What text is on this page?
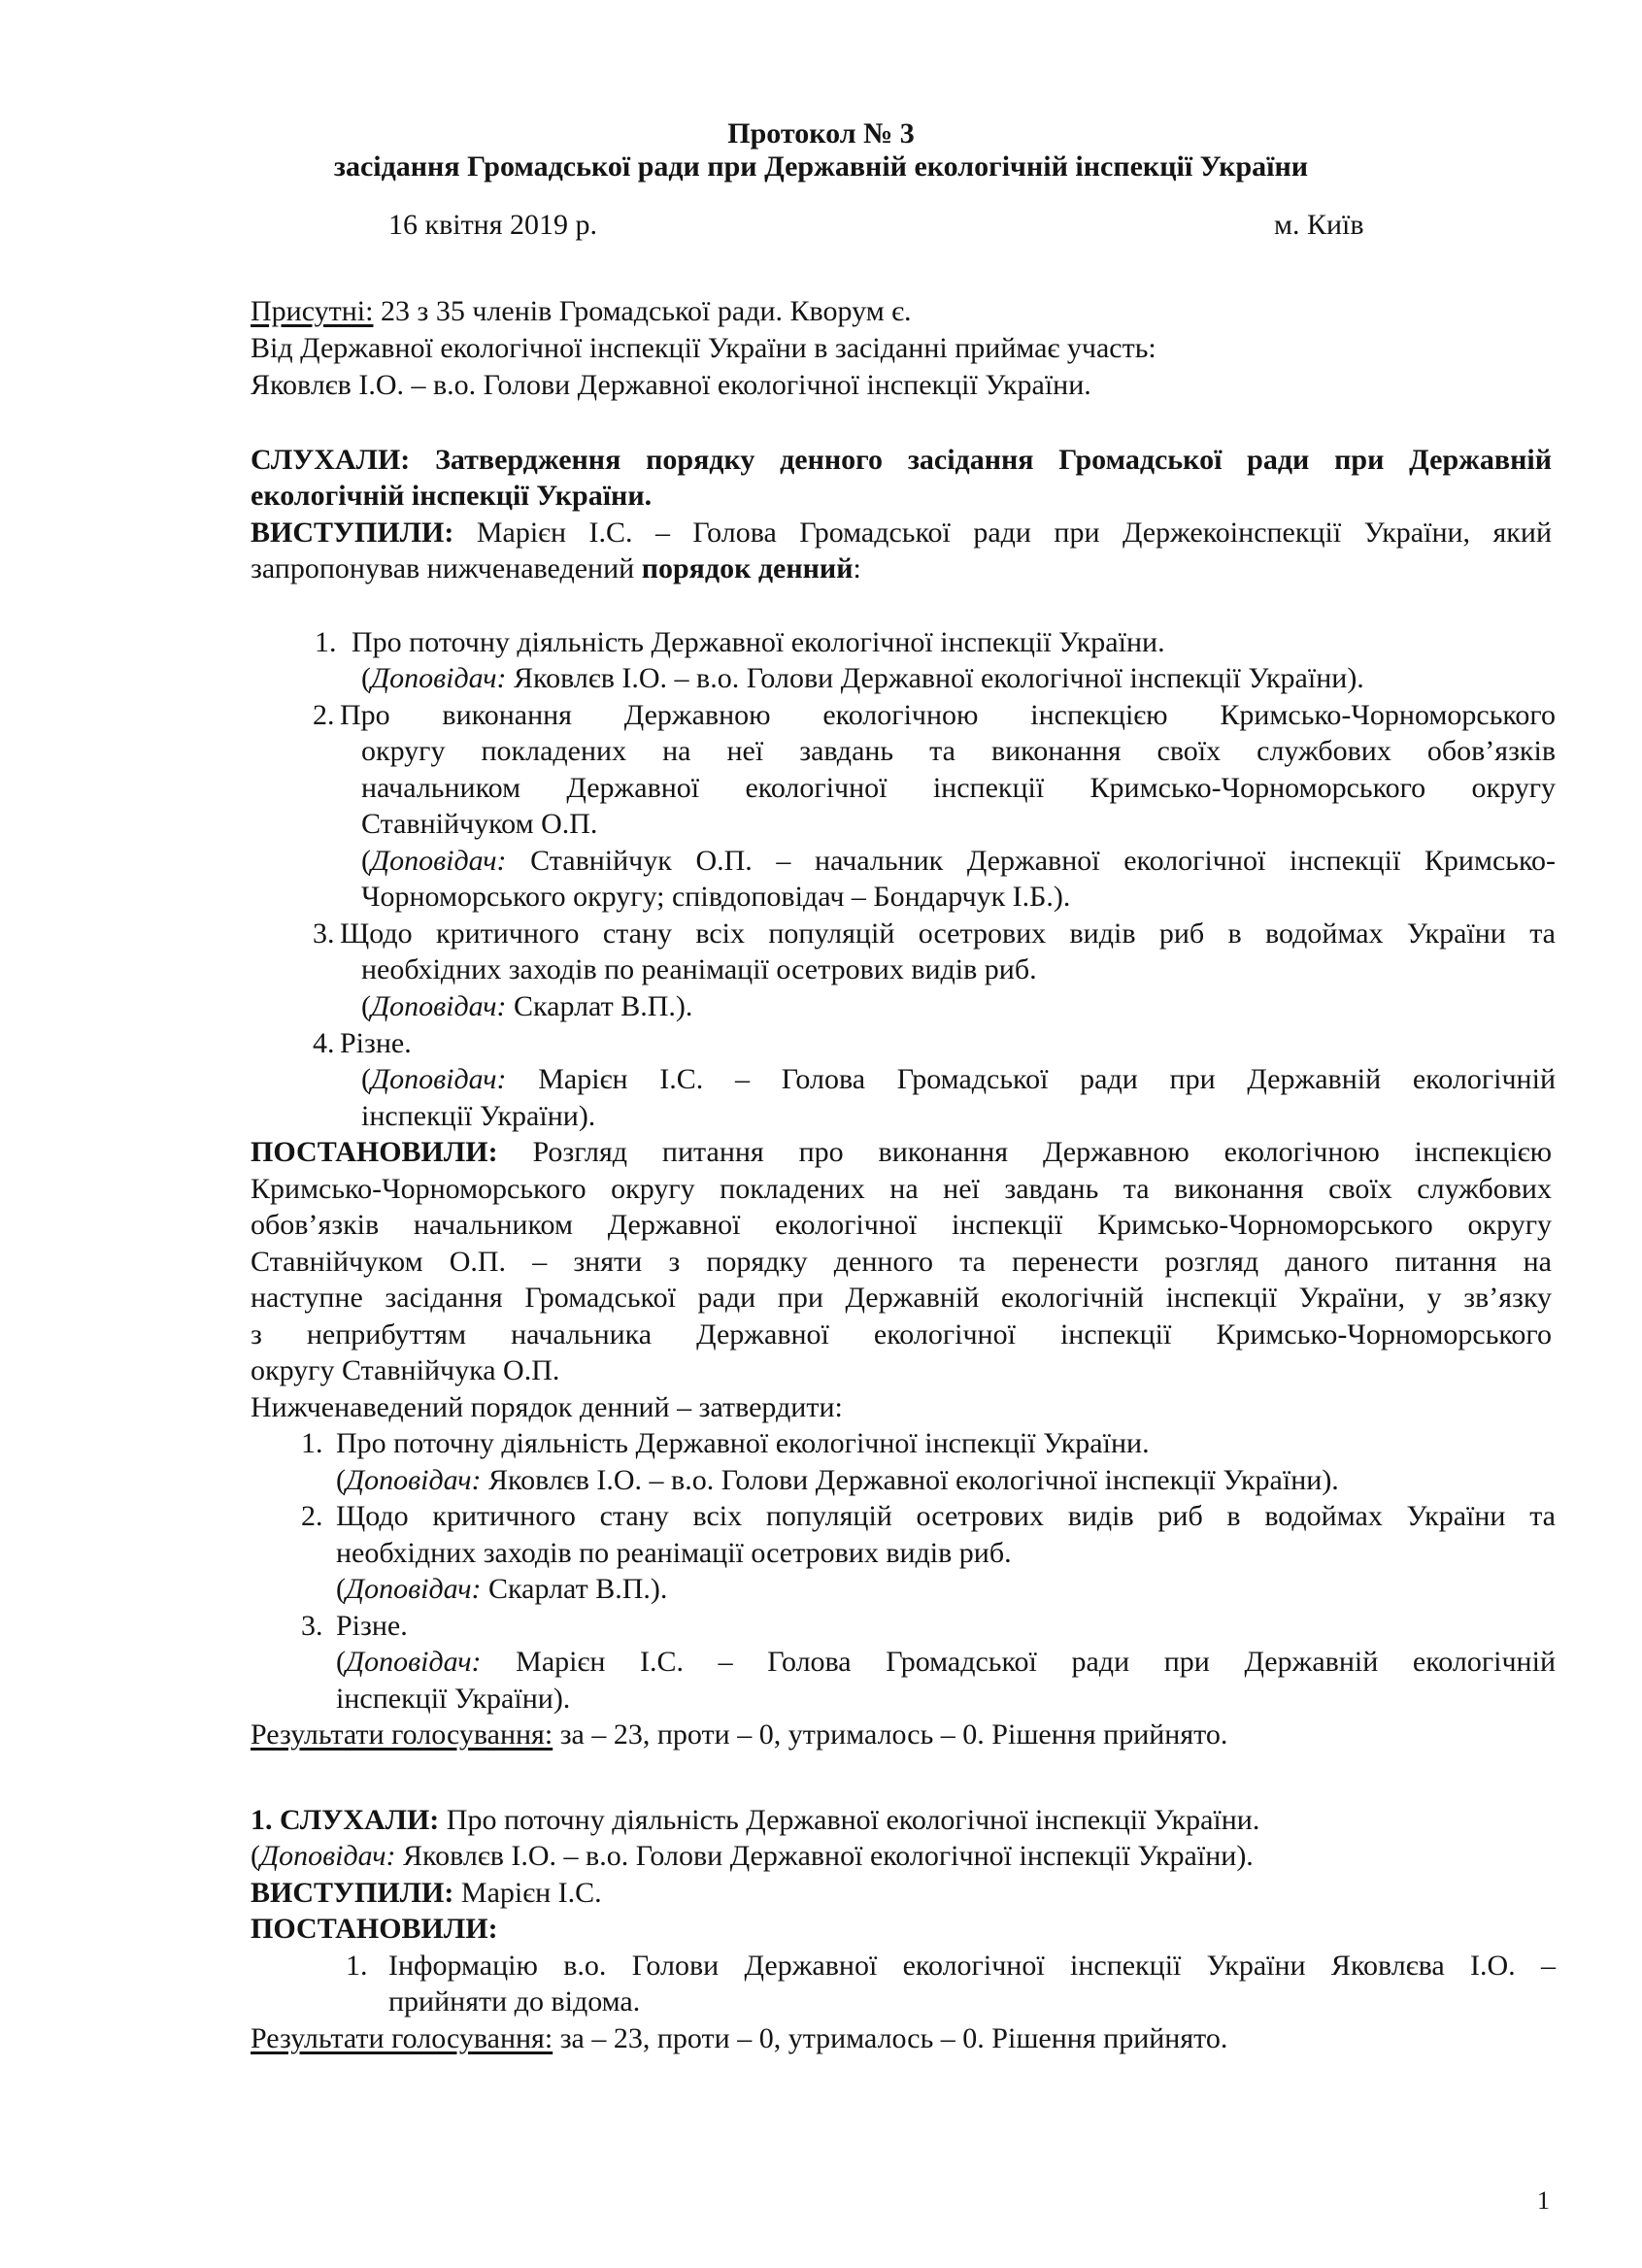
Протокол № 3
засідання Громадської ради при Державній екологічній інспекції України
16 квітня 2019 р.	м. Київ
Присутні: 23 з 35 членів Громадської ради. Кворум є.
Від Державної екологічної інспекції України в засіданні приймає участь:
Яковлєв І.О. – в.о. Голови Державної екологічної інспекції України.
СЛУХАЛИ: Затвердження порядку денного засідання Громадської ради при Державній
екологічній інспекції України.
ВИСТУПИЛИ: Марієн І.С. – Голова Громадської ради при Держекоінспекції України, який
запропонував нижченаведений порядок денний:
1. Про поточну діяльність Державної екологічної інспекції України.
(Доповідач: Яковлєв І.О. – в.о. Голови Державної екологічної інспекції України).
2. Про виконання Державною екологічною інспекцією Кримсько-Чорноморського
округу покладених на неї завдань та виконання своїх службових обов’язків
начальником Державної екологічної інспекції Кримсько-Чорноморського округу
Ставнійчуком О.П.
(Доповідач: Ставнійчук О.П. – начальник Державної екологічної інспекції Кримсько-
Чорноморського округу; співдоповідач – Бондарчук І.Б.).
3. Щодо критичного стану всіх популяцій осетрових видів риб в водоймах України та
необхідних заходів по реанімації осетрових видів риб.
(Доповідач: Скарлат В.П.).
4. Різне.
(Доповідач: Марієн І.С. – Голова Громадської ради при Державній екологічній
інспекції України).
ПОСТАНОВИЛИ: Розгляд питання про виконання Державною екологічною інспекцією
Кримсько-Чорноморського округу покладених на неї завдань та виконання своїх службових
обов’язків начальником Державної екологічної інспекції Кримсько-Чорноморського округу
Ставнійчуком О.П. – зняти з порядку денного та перенести розгляд даного питання на
наступне засідання Громадської ради при Державній екологічній інспекції України, у зв’язку
з неприбуттям начальника Державної екологічної інспекції Кримсько-Чорноморського
округу Ставнійчука О.П.
Нижченаведений порядок денний – затвердити:
1. Про поточну діяльність Державної екологічної інспекції України.
(Доповідач: Яковлєв І.О. – в.о. Голови Державної екологічної інспекції України).
2. Щодо критичного стану всіх популяцій осетрових видів риб в водоймах України та
необхідних заходів по реанімації осетрових видів риб.
(Доповідач: Скарлат В.П.).
3. Різне.
(Доповідач: Марієн І.С. – Голова Громадської ради при Державній екологічній
інспекції України).
Результати голосування: за – 23, проти – 0, утрималось – 0. Рішення прийнято.
1. СЛУХАЛИ: Про поточну діяльність Державної екологічної інспекції України.
(Доповідач: Яковлєв І.О. – в.о. Голови Державної екологічної інспекції України).
ВИСТУПИЛИ: Марієн І.С.
ПОСТАНОВИЛИ:
1. Інформацію в.о. Голови Державної екологічної інспекції України Яковлєва І.О. –
прийняти до відома.
Результати голосування: за – 23, проти – 0, утрималось – 0. Рішення прийнято.
1
